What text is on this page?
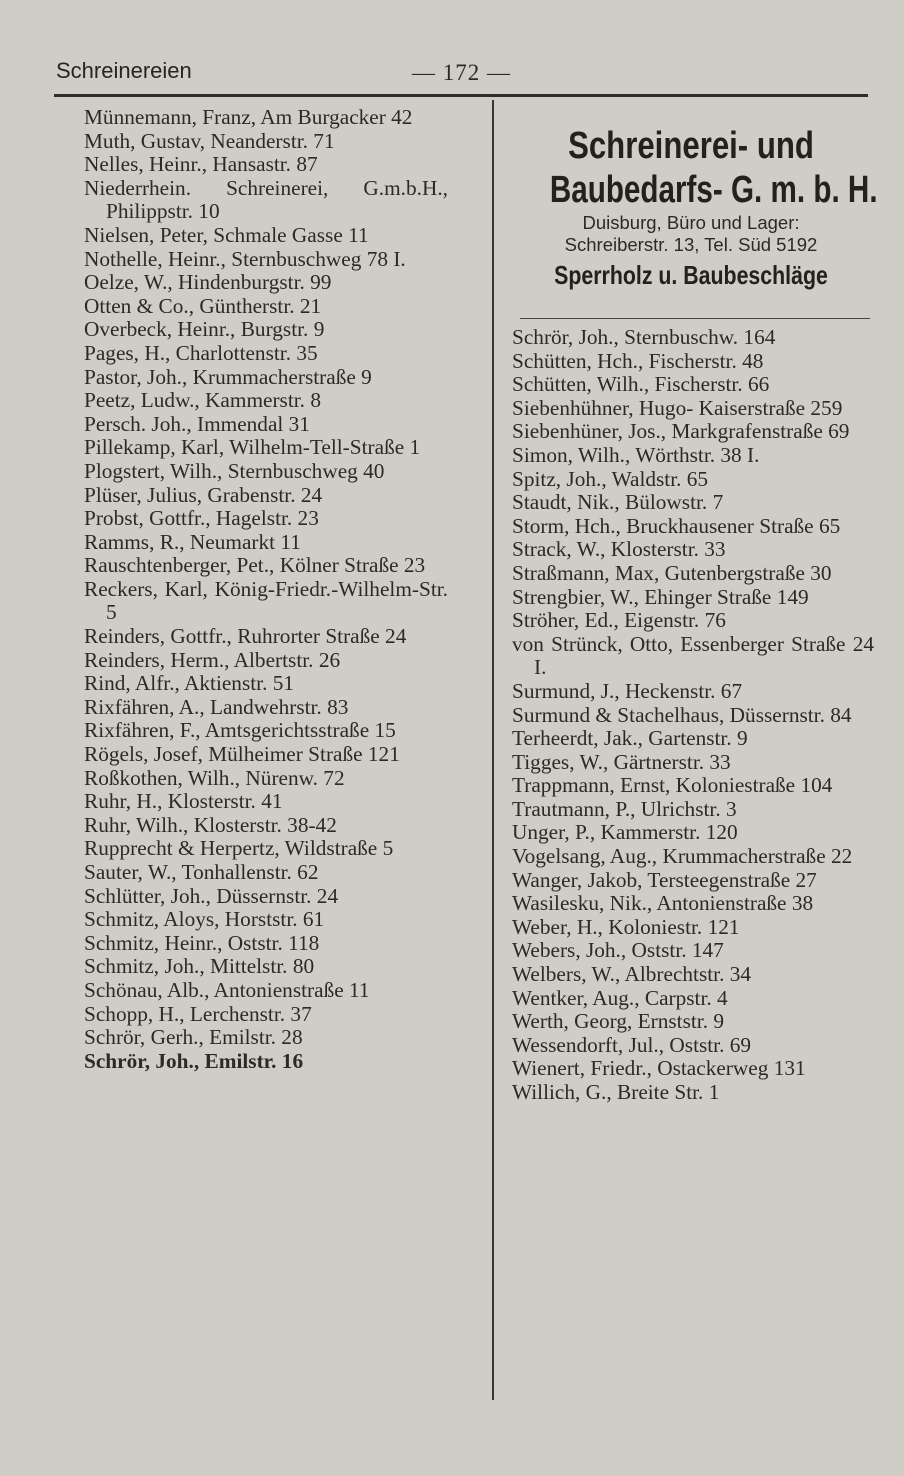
Schreinereien	— 172 —
Münnemann, Franz, Am Burgacker 42
Muth, Gustav, Neanderstr. 71
Nelles, Heinr., Hansastr. 87
Niederrhein. Schreinerei, G.m.b.H., Philippstr. 10
Nielsen, Peter, Schmale Gasse 11
Nothelle, Heinr., Sternbuschweg 78 I.
Oelze, W., Hindenburgstr. 99
Otten & Co., Güntherstr. 21
Overbeck, Heinr., Burgstr. 9
Pages, H., Charlottenstr. 35
Pastor, Joh., Krummacherstraße 9
Peetz, Ludw., Kammerstr. 8
Persch. Joh., Immendal 31
Pillekamp, Karl, Wilhelm-Tell-Straße 1
Plogstert, Wilh., Sternbuschweg 40
Plüser, Julius, Grabenstr. 24
Probst, Gottfr., Hagelstr. 23
Ramms, R., Neumarkt 11
Rauschtenberger, Pet., Kölner Straße 23
Reckers, Karl, König-Friedr.-Wilhelm-Str. 5
Reinders, Gottfr., Ruhrorter Straße 24
Reinders, Herm., Albertstr. 26
Rind, Alfr., Aktienstr. 51
Rixfähren, A., Landwehrstr. 83
Rixfähren, F., Amtsgerichtsstraße 15
Rögels, Josef, Mülheimer Straße 121
Roßkothen, Wilh., Nürenw. 72
Ruhr, H., Klosterstr. 41
Ruhr, Wilh., Klosterstr. 38-42
Rupprecht & Herpertz, Wildstraße 5
Sauter, W., Tonhallenstr. 62
Schlütter, Joh., Düssernstr. 24
Schmitz, Aloys, Horststr. 61
Schmitz, Heinr., Oststr. 118
Schmitz, Joh., Mittelstr. 80
Schönau, Alb., Antonienstraße 11
Schopp, H., Lerchenstr. 37
Schrör, Gerh., Emilstr. 28
Schrör, Joh., Emilstr. 16
Schreinerei- und
Baubedarfs- G. m. b. H.
Duisburg, Büro und Lager:
Schreiberstr. 13, Tel. Süd 5192
Sperrholz u. Baubeschläge
Schrör, Joh., Sternbuschw. 164
Schütten, Hch., Fischerstr. 48
Schütten, Wilh., Fischerstr. 66
Siebenhühner, Hugo- Kaiserstraße 259
Siebenhüner, Jos., Markgrafenstraße 69
Simon, Wilh., Wörthstr. 38 I.
Spitz, Joh., Waldstr. 65
Staudt, Nik., Bülowstr. 7
Storm, Hch., Bruckhausener Straße 65
Strack, W., Klosterstr. 33
Straßmann, Max, Gutenbergstraße 30
Strengbier, W., Ehinger Straße 149
Ströher, Ed., Eigenstr. 76
von Strünck, Otto, Essenberger Straße 24 I.
Surmund, J., Heckenstr. 67
Surmund & Stachelhaus, Düssernstr. 84
Terheerdt, Jak., Gartenstr. 9
Tigges, W., Gärtnerstr. 33
Trappmann, Ernst, Koloniestraße 104
Trautmann, P., Ulrichstr. 3
Unger, P., Kammerstr. 120
Vogelsang, Aug., Krummacherstraße 22
Wanger, Jakob, Tersteegenstraße 27
Wasilesku, Nik., Antonienstraße 38
Weber, H., Koloniestr. 121
Webers, Joh., Oststr. 147
Welbers, W., Albrechtstr. 34
Wentker, Aug., Carpstr. 4
Werth, Georg, Ernststr. 9
Wessendorft, Jul., Oststr. 69
Wienert, Friedr., Ostackerweg 131
Willich, G., Breite Str. 1
